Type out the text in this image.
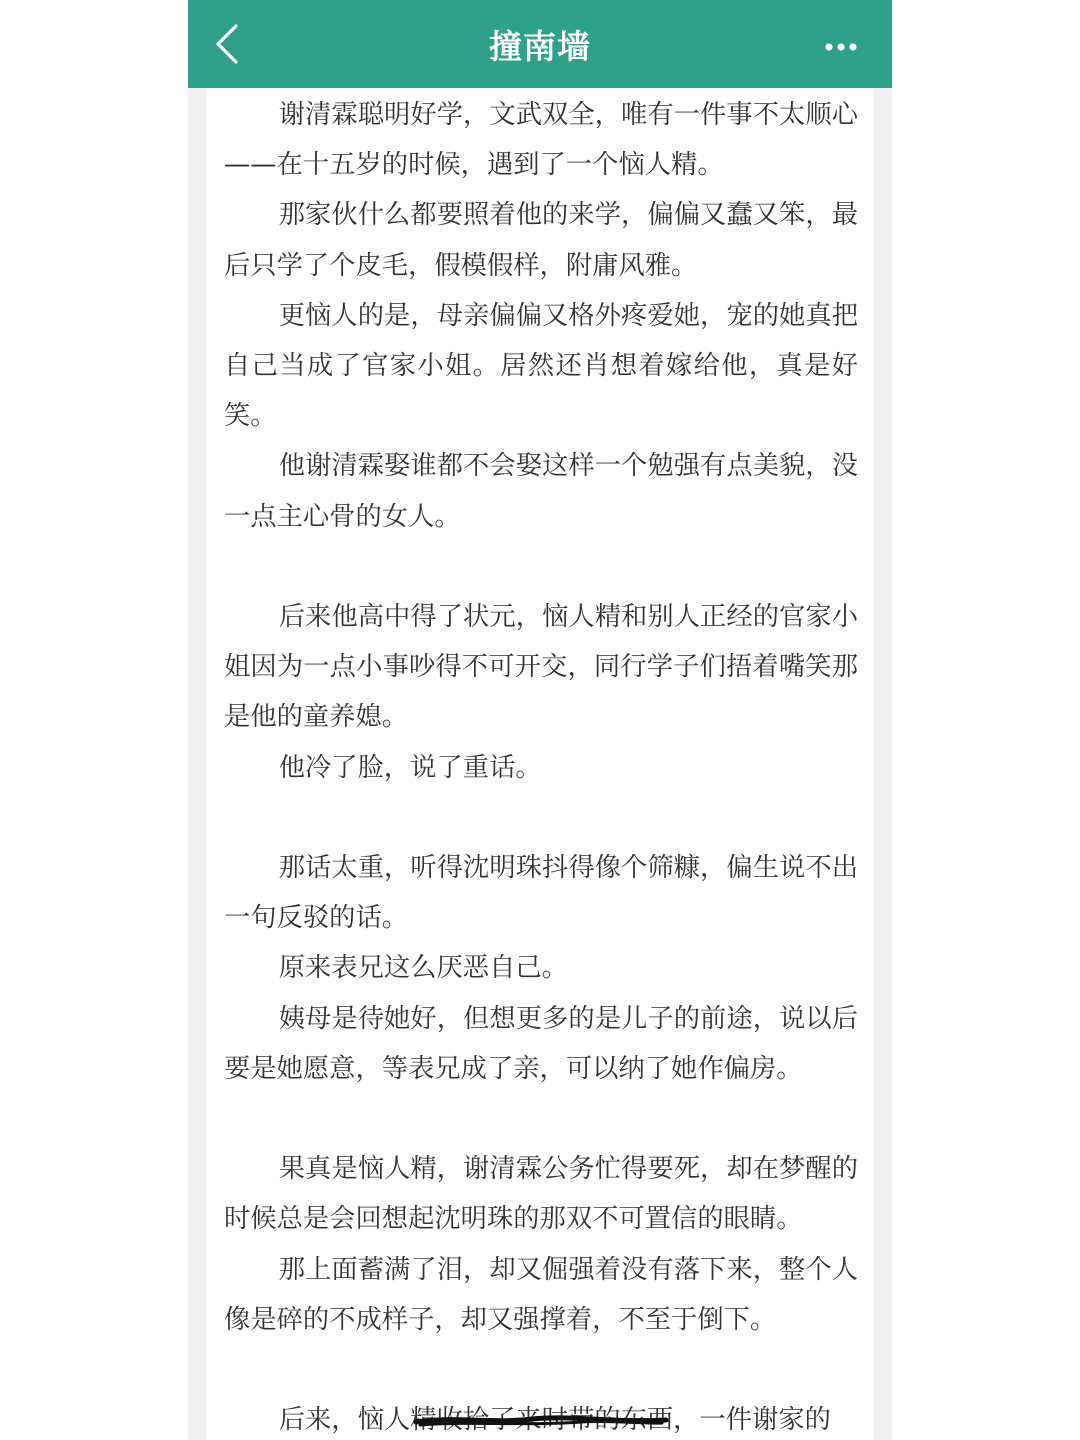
撞南墙

谢清霖聪明好学，文武双全，唯有一件事不太顺心——在十五岁的时候，遇到了一个恼人精。

那家伙什么都要照着他的来学，偏偏又蠢又笨，最后只学了个皮毛，假模假样，附庸风雅。

更恼人的是，母亲偏偏又格外疼爱她，宠的她真把自己当成了官家小姐。居然还肖想着嫁给他，真是好笑。

他谢清霖娶谁都不会娶这样一个勉强有点美貌，没一点主心骨的女人。

后来他高中得了状元，恼人精和别人正经的官家小姐因为一点小事吵得不可开交，同行学子们捂着嘴笑那是他的童养媳。

他冷了脸，说了重话。

那话太重，听得沈明珠抖得像个筛糠，偏生说不出一句反驳的话。

原来表兄这么厌恶自己。

姨母是待她好，但想更多的是儿子的前途，说以后要是她愿意，等表兄成了亲，可以纳了她作偏房。

果真是恼人精，谢清霖公务忙得要死，却在梦醒的时候总是会回想起沈明珠的那双不可置信的眼睛。

那上面蓄满了泪，却又倔强着没有落下来，整个人像是碎的不成样子，却又强撑着，不至于倒下。

后来，恼人精收拾了来时带的东西，一件谢家的
